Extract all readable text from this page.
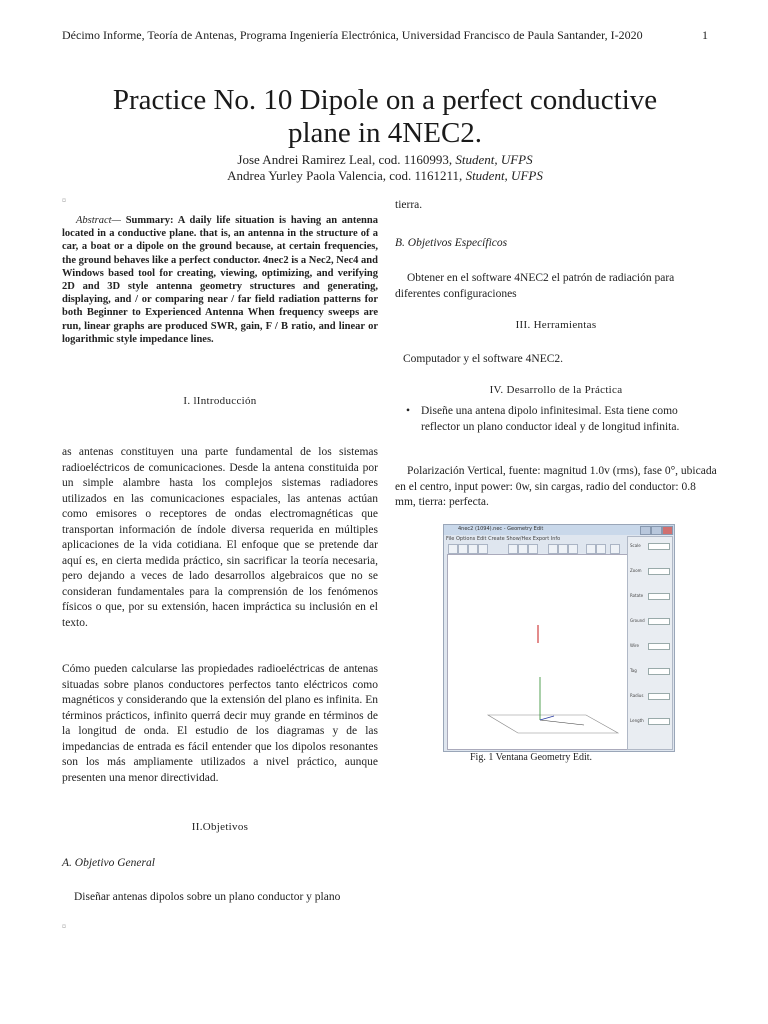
Décimo Informe, Teoría de Antenas, Programa Ingeniería Electrónica, Universidad Francisco de Paula Santander, I-2020	1
Practice No. 10 Dipole on a perfect conductive
plane in 4NEC2.
Jose Andrei Ramirez Leal, cod. 1160993, Student, UFPS
Andrea Yurley Paola Valencia, cod. 1161211, Student, UFPS
¤
Abstract— Summary: A daily life situation is having an antenna located in a conductive plane. that is, an antenna in the structure of a car, a boat or a dipole on the ground because, at certain frequencies, the ground behaves like a perfect conductor. 4nec2 is a Nec2, Nec4 and Windows based tool for creating, viewing, optimizing, and verifying 2D and 3D style antenna geometry structures and generating, displaying, and / or comparing near / far field radiation patterns for both Beginner to Experienced Antenna When frequency sweeps are run, linear graphs are produced SWR, gain, F / B ratio, and linear or logarithmic style impedance lines.
I. lIntroducción
as antenas constituyen una parte fundamental de los sistemas radioeléctricos de comunicaciones. Desde la antena constituida por un simple alambre hasta los complejos sistemas radiadores utilizados en las comunicaciones espaciales, las antenas actúan como emisores o receptores de ondas electromagnéticas que transportan información de índole diversa requerida en múltiples aplicaciones de la vida cotidiana. El enfoque que se pretende dar aquí es, en cierta medida práctico, sin sacrificar la teoría necesaria, pero dejando a veces de lado desarrollos algebraicos que no se consideran fundamentales para la comprensión de los fenómenos físicos o que, por su extensión, hacen impráctica su inclusión en el texto.
Cómo pueden calcularse las propiedades radioeléctricas de antenas situadas sobre planos conductores perfectos tanto eléctricos como magnéticos y considerando que la extensión del plano es infinita. En términos prácticos, infinito querrá decir muy grande en términos de la longitud de onda. El estudio de los diagramas y de las impedancias de entrada es fácil entender que los dipolos resonantes son los más ampliamente utilizados a nivel práctico, aunque presenten una menor directividad.
II.Objetivos
A. Objetivo General
Diseñar antenas dipolos sobre un plano conductor y plano
¤
tierra.
B. Objetivos Específicos
Obtener en el software 4NEC2 el patrón de radiación para diferentes configuraciones
III. Herramientas
Computador y el software 4NEC2.
IV. Desarrollo de la Práctica
• Diseñe una antena dipolo infinitesimal. Esta tiene como reflector un plano conductor ideal y de longitud infinita.
Polarización Vertical, fuente: magnitud 1.0v (rms), fase 0°, ubicada en el centro, input power: 0w, sin cargas, radio del conductor: 0.8 mm, tierra: perfecta.
4nec2 (1094).nec - Geometry Edit
File Options Edit Create Show/Hex Export Info
Scale
Zoom
Rotate
Ground
Wire
Tag
Radius
Length
Fig. 1 Ventana Geometry Edit.
